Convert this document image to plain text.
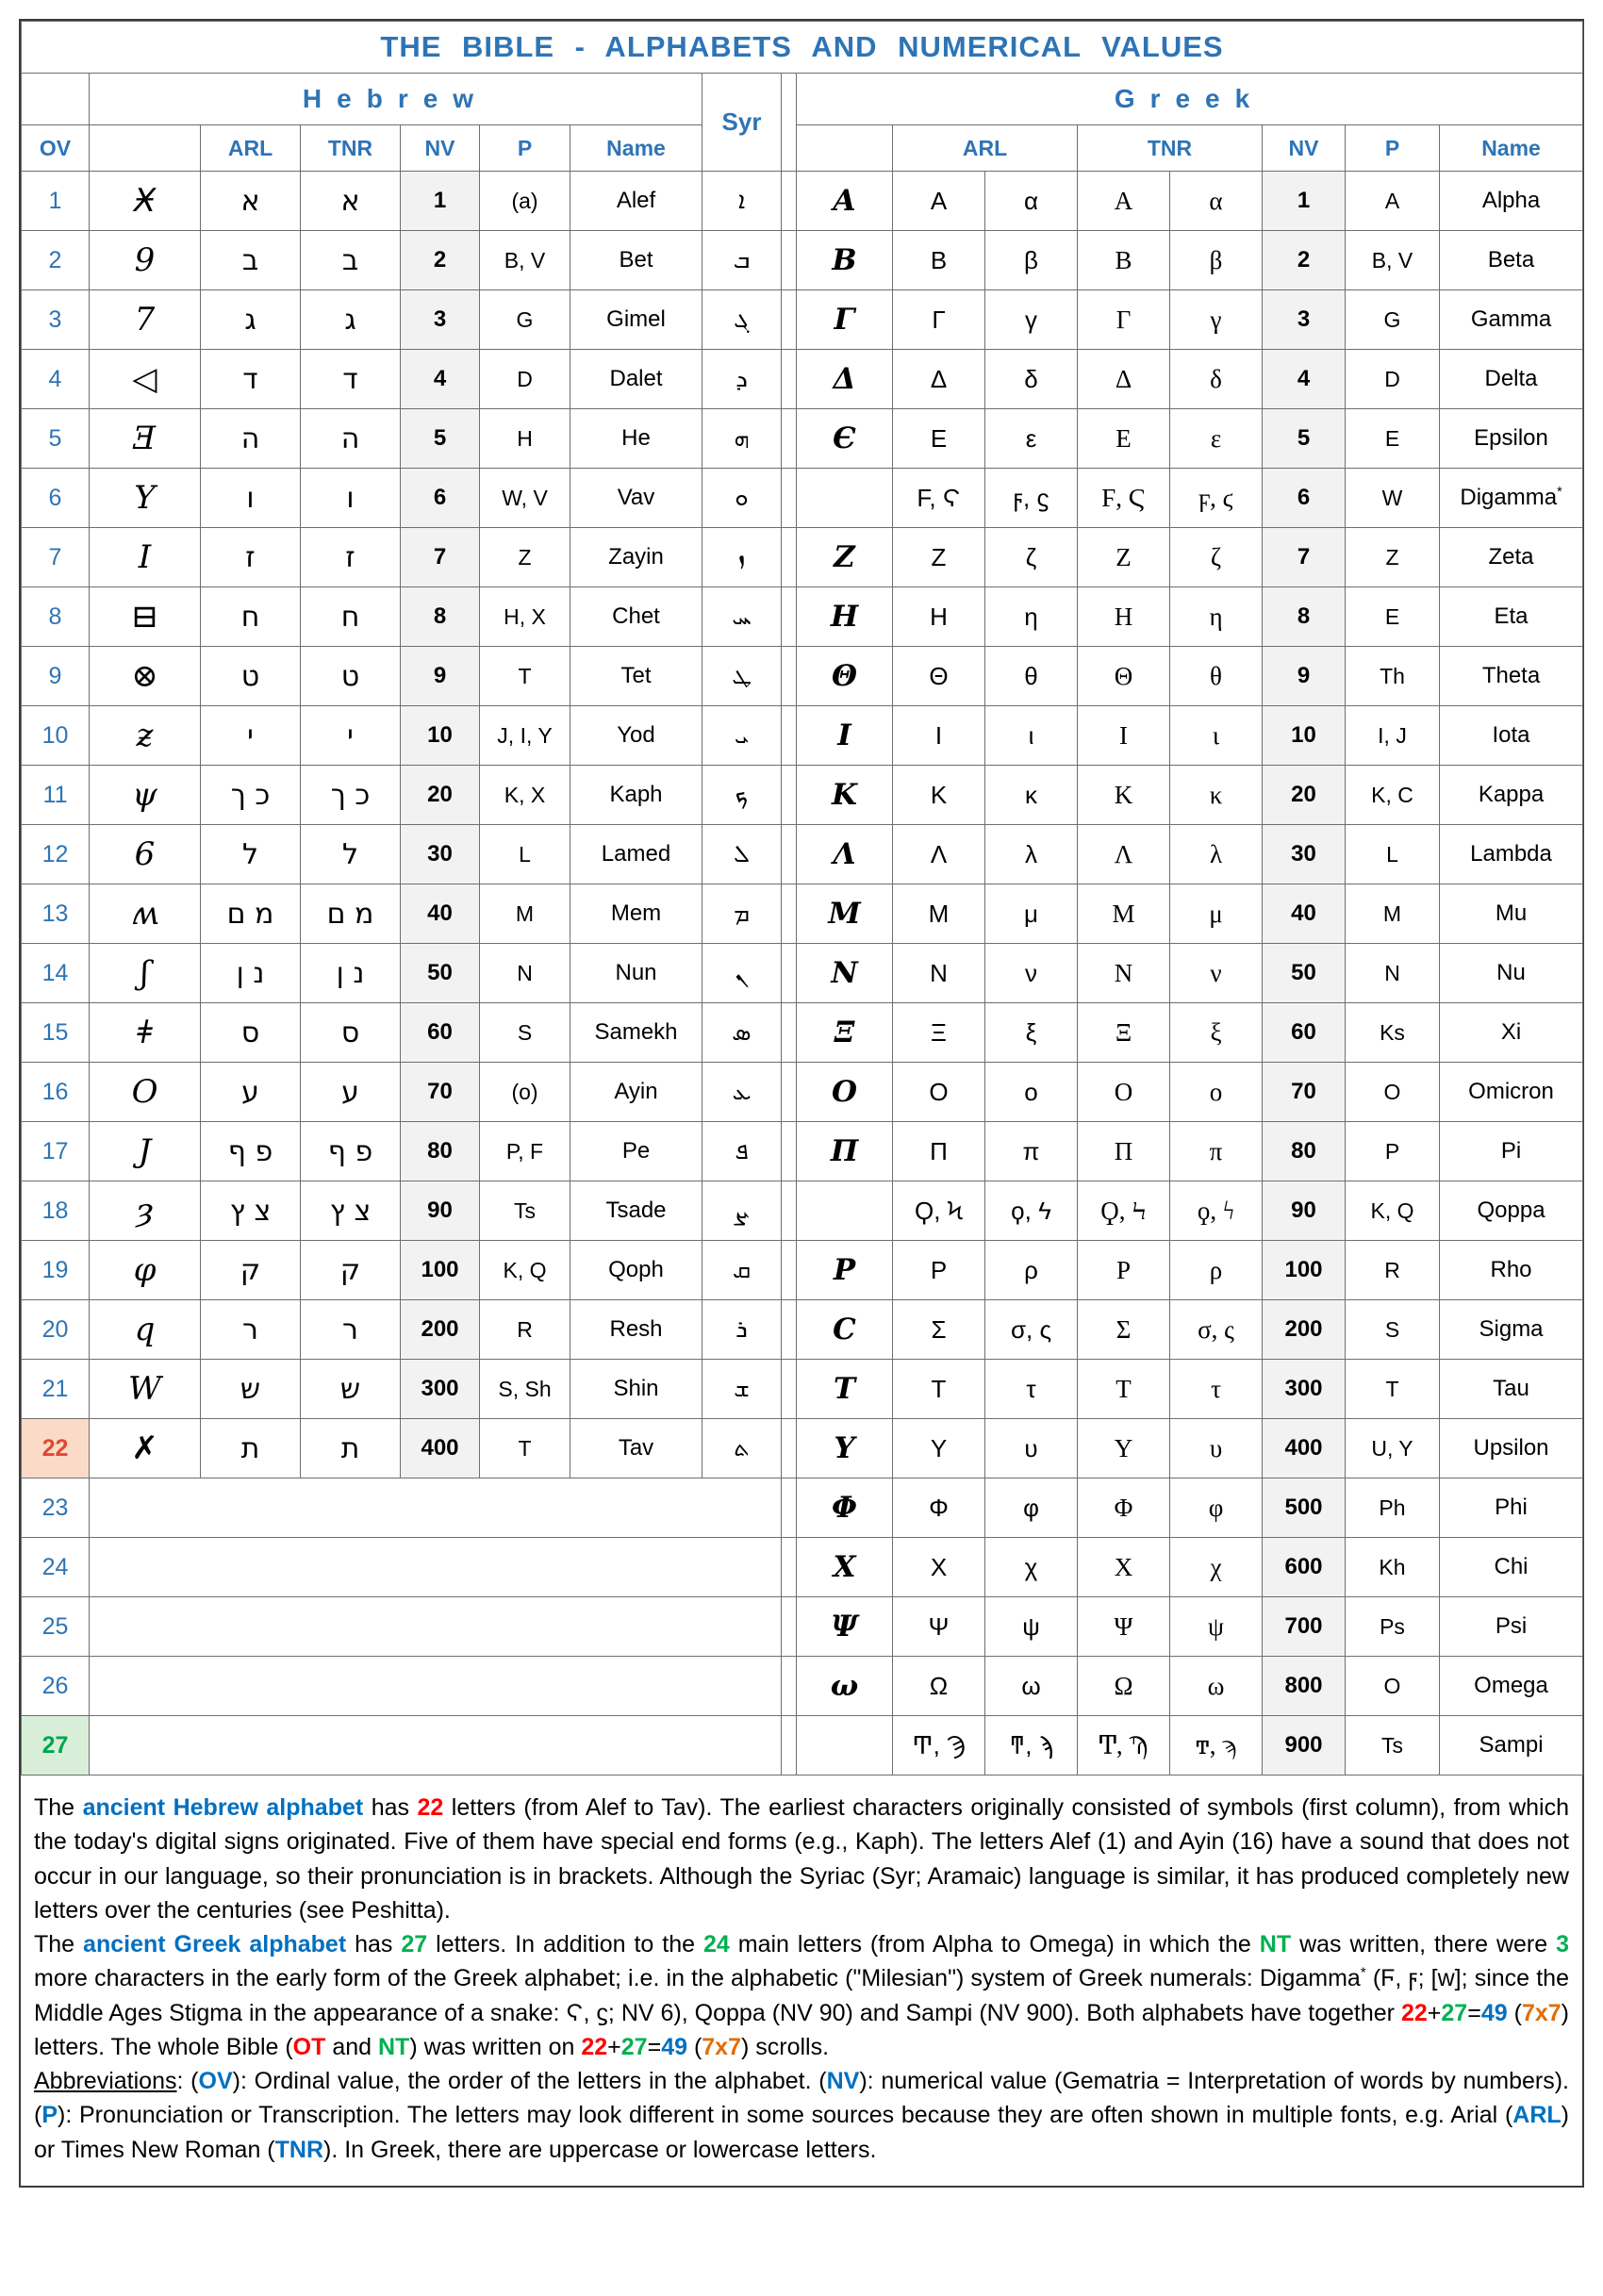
THE BIBLE - ALPHABETS AND NUMERICAL VALUES																
	Hebrew						Syr		Greek							
OV		ARL	TNR	NV	P	Name				ARL		TNR		NV	P	Name
1	Ӿ	א	א	1	(a)	Alef	ܐ		Α	A	α	A	α	1	A	Alpha
2	9	ב	ב	2	B, V	Bet	ܒ		Β	B	β	B	β	2	B, V	Beta
3	7	ג	ג	3	G	Gimel	ܓ		Γ	Γ	γ	Γ	γ	3	G	Gamma
4	◁	ד	ד	4	D	Dalet	ܕ		Δ	Δ	δ	Δ	δ	4	D	Delta
5	Ǝ	ה	ה	5	H	He	ܗ		Є	E	ε	E	ε	5	E	Epsilon
6	Y	ו	ו	6	W, V	Vav	ܘ			F, Ϛ	ϝ, ϛ	Ϝ, Ϛ	ϝ, ϛ	6	W	Digamma*
7	I	ז	ז	7	Z	Zayin	ܙ		Ζ	Z	ζ	Z	ζ	7	Z	Zeta
8	⊟	ח	ח	8	H, X	Chet	ܚ		Η	H	η	H	η	8	E	Eta
9	⊗	ט	ט	9	T	Tet	ܛ		Θ	Θ	θ	Θ	θ	9	Th	Theta
10	ƶ	י	י	10	J, I, Y	Yod	ܝ		Ι	I	ι	I	ι	10	I, J	Iota
11	ψ	כ ך	כ ך	20	K, X	Kaph	ܟ		Κ	K	κ	K	κ	20	K, C	Kappa
12	6	ל	ל	30	L	Lamed	ܠ		Λ	Λ	λ	Λ	λ	30	L	Lambda
13	ʍ	מ ם	מ ם	40	M	Mem	ܡ		Μ	M	μ	M	μ	40	M	Mu
14	ʃ	נ ן	נ ן	50	N	Nun	ܢ		Ν	N	ν	N	ν	50	N	Nu
15	ǂ	ס	ס	60	S	Samekh	ܣ		Ξ	Ξ	ξ	Ξ	ξ	60	Ks	Xi
16	O	ע	ע	70	(o)	Ayin	ܥ		Ο	O	ο	O	ο	70	O	Omicron
17	J	פ ף	פ ף	80	P, F	Pe	ܦ		Π	Π	π	Π	π	80	P	Pi
18	ȝ	צ ץ	צ ץ	90	Ts	Tsade	ܨ			Ϙ, Ϟ	ϙ, ϟ	Ϙ, Ϟ	ϙ, ϟ	90	K, Q	Qoppa
19	φ	ק	ק	100	K, Q	Qoph	ܩ		Ρ	P	ρ	P	ρ	100	R	Rho
20	q	ר	ר	200	R	Resh	ܪ		C	Σ	σ, ς	Σ	σ, ς	200	S	Sigma
21	W	ש	ש	300	S, Sh	Shin	ܫ		Τ	T	τ	T	τ	300	T	Tau
22	✗	ת	ת	400	T	Tav	ܬ		Υ	Y	υ	Y	υ	400	U, Y	Upsilon
23									Φ	Φ	φ	Φ	φ	500	Ph	Phi
24									Χ	X	χ	X	χ	600	Kh	Chi
25									Ψ	Ψ	ψ	Ψ	ψ	700	Ps	Psi
26									ω	Ω	ω	Ω	ω	800	O	Omega
27										Ͳ, Ϡ	ͳ, ϡ	Ͳ, Ϡ	ͳ, ϡ	900	Ts	Sampi

The ancient Hebrew alphabet has 22 letters (from Alef to Tav). The earliest characters originally consisted of symbols (first column), from which the today's digital signs originated. Five of them have special end forms (e.g., Kaph). The letters Alef (1) and Ayin (16) have a sound that does not occur in our language, so their pronunciation is in brackets. Although the Syriac (Syr; Aramaic) language is similar, it has produced completely new letters over the centuries (see Peshitta).

The ancient Greek alphabet has 27 letters. In addition to the 24 main letters (from Alpha to Omega) in which the NT was written, there were 3 more characters in the early form of the Greek alphabet; i.e. in the alphabetic ("Milesian") system of Greek numerals: Digamma* (Ϝ, ϝ; [w]; since the Middle Ages Stigma in the appearance of a snake: Ϛ, ϛ; NV 6), Qoppa (NV 90) and Sampi (NV 900). Both alphabets have together 22+27=49 (7x7) letters. The whole Bible (OT and NT) was written on 22+27=49 (7x7) scrolls.

Abbreviations: (OV): Ordinal value, the order of the letters in the alphabet. (NV): numerical value (Gematria = Interpretation of words by numbers). (P): Pronunciation or Transcription. The letters may look different in some sources because they are often shown in multiple fonts, e.g. Arial (ARL) or Times New Roman (TNR). In Greek, there are uppercase or lowercase letters.
